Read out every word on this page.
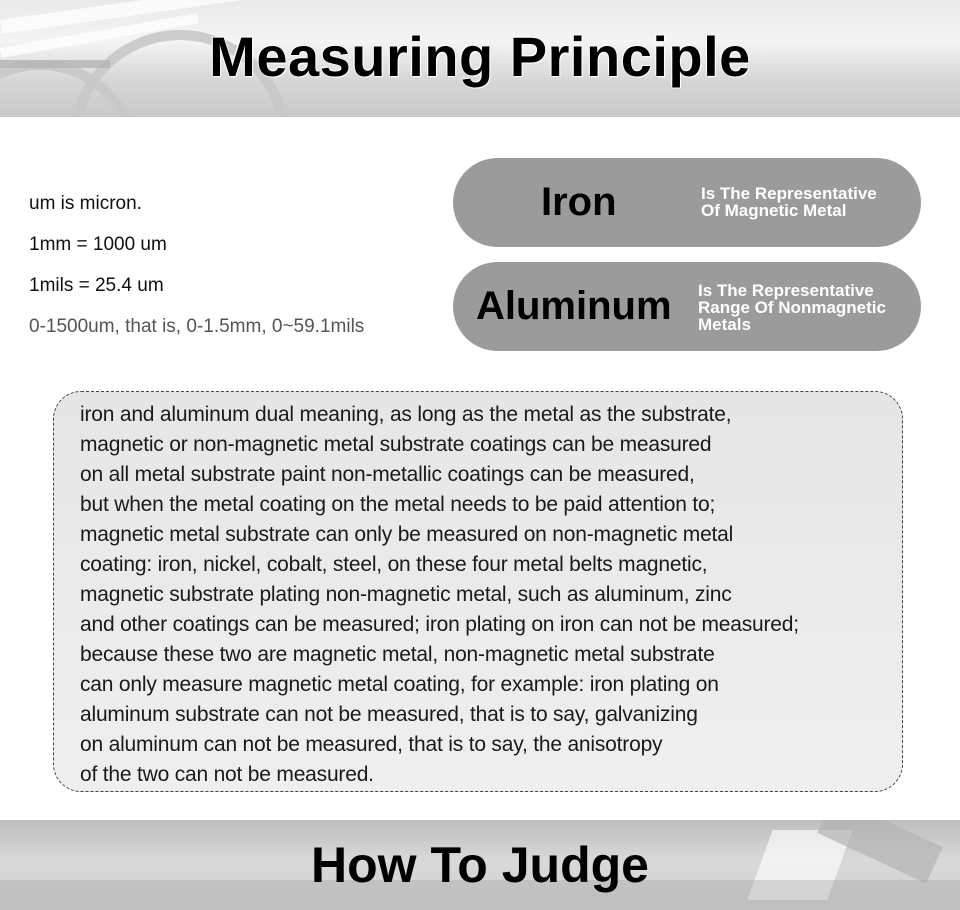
Measuring Principle
um is micron.
1mm = 1000 um
1mils = 25.4 um
0-1500um, that is, 0-1.5mm, 0~59.1mils
Iron	Is The Representative
Of Magnetic Metal
Aluminum Is The Representative
Range Of Nonmagnetic
Metals
iron and aluminum dual meaning, as long as the metal as the substrate,
magnetic or non-magnetic metal substrate coatings can be measured
on all metal substrate paint non-metallic coatings can be measured,
but when the metal coating on the metal needs to be paid attention to;
magnetic metal substrate can only be measured on non-magnetic metal
coating: iron, nickel, cobalt, steel, on these four metal belts magnetic,
magnetic substrate plating non-magnetic metal, such as aluminum, zinc
and other coatings can be measured; iron plating on iron can not be measured;
because these two are magnetic metal, non-magnetic metal substrate
can only measure magnetic metal coating, for example: iron plating on
aluminum substrate can not be measured, that is to say, galvanizing
on aluminum can not be measured, that is to say, the anisotropy
of the two can not be measured.
How To Judge
